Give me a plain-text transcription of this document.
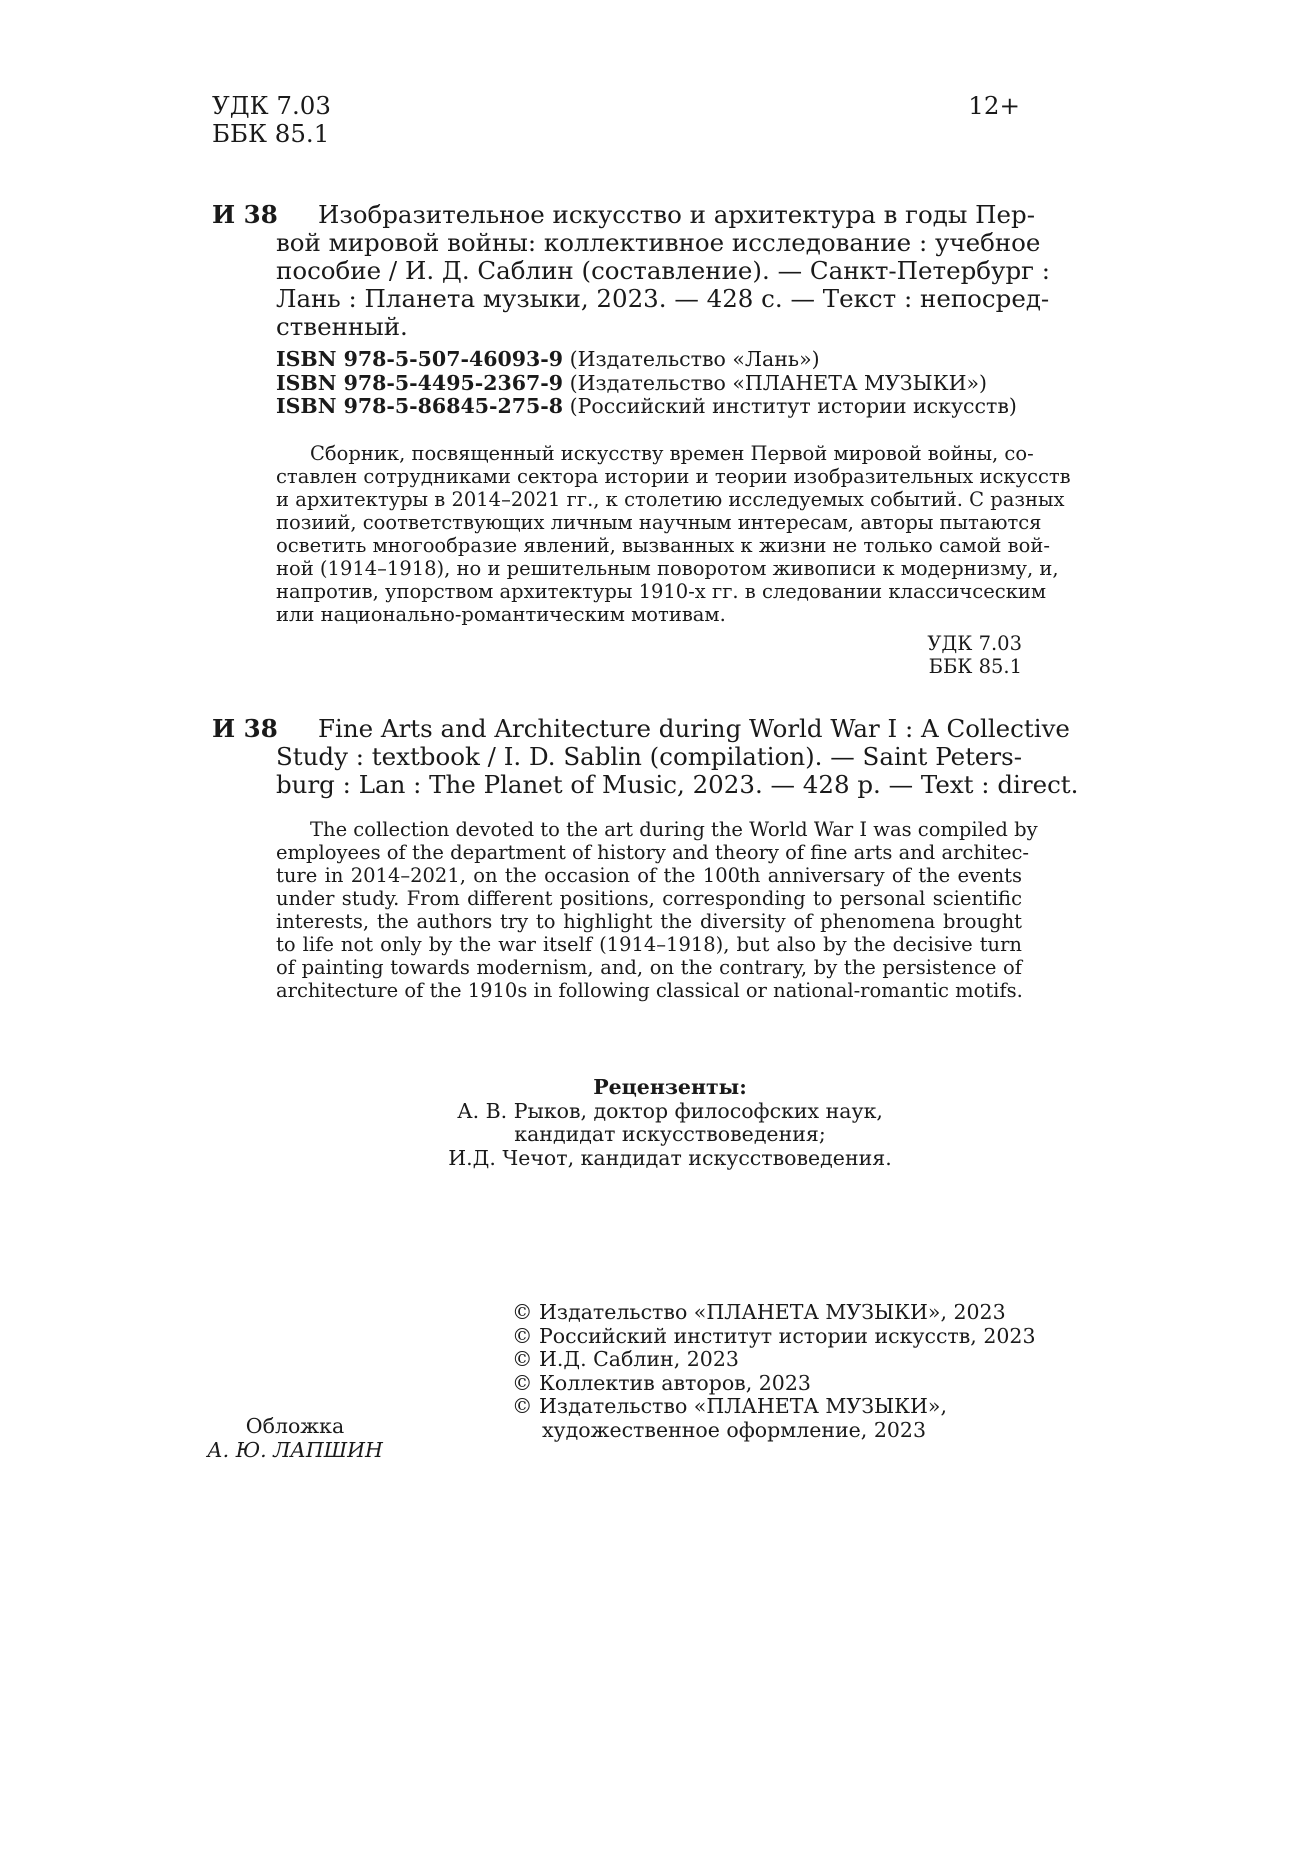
УДК 7.03
ББК 85.1
12+
И 38	Изобразительное искусство и архитектура в годы Пер-
вой мировой войны: коллективное исследование : учебное
пособие / И. Д. Саблин (составление). — Санкт-Петербург :
Лань : Планета музыки, 2023. — 428 с. — Текст : непосред-
ственный.
ISBN 978-5-507-46093-9 (Издательство «Лань»)
ISBN 978-5-4495-2367-9 (Издательство «ПЛАНЕТА МУЗЫКИ»)
ISBN 978-5-86845-275-8 (Российский институт истории искусств)
Сборник, посвященный искусству времен Первой мировой войны, со-
ставлен сотрудниками сектора истории и теории изобразительных искусств
и архитектуры в 2014–2021 гг., к столетию исследуемых событий. С разных
позиий, соответствующих личным научным интересам, авторы пытаются
осветить многообразие явлений, вызванных к жизни не только самой вой-
ной (1914–1918), но и решительным поворотом живописи к модернизму, и,
напротив, упорством архитектуры 1910-х гг. в следовании классичсеским
или национально-романтическим мотивам.
УДК 7.03
ББК 85.1
И 38	Fine Arts and Architecture during World War I : A Collective
Study : textbook / I. D. Sablin (compilation). — Saint Peters-
burg : Lan : The Planet of Music, 2023. — 428 p. — Text : direct.
The collection devoted to the art during the World War I was compiled by
employees of the department of history and theory of fine arts and architec-
ture in 2014–2021, on the occasion of the 100th anniversary of the events
under study. From different positions, corresponding to personal scientific
interests, the authors try to highlight the diversity of phenomena brought
to life not only by the war itself (1914–1918), but also by the decisive turn
of painting towards modernism, and, on the contrary, by the persistence of
architecture of the 1910s in following classical or national-romantic motifs.
Рецензенты:
А. В. Рыков, доктор философских наук,
кандидат искусствоведения;
И.Д. Чечот, кандидат искусствоведения.
© Издательство «ПЛАНЕТА МУЗЫКИ», 2023
© Российский институт истории искусств, 2023
© И.Д. Саблин, 2023
© Коллектив авторов, 2023
© Издательство «ПЛАНЕТА МУЗЫКИ»,
художественное оформление, 2023
Обложка
А. Ю. ЛАПШИН
